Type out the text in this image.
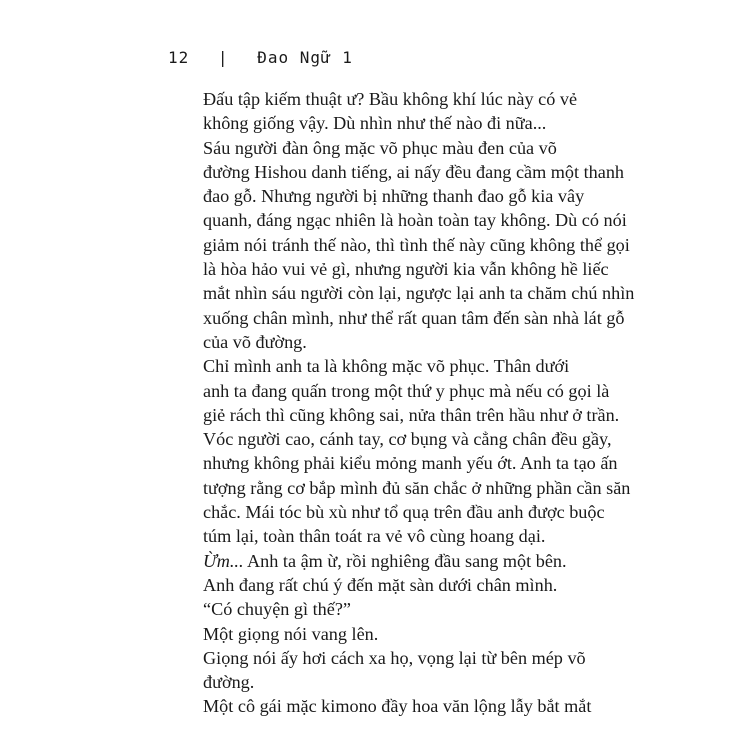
12 | Đao Ngữ 1

Đấu tập kiếm thuật ư? Bầu không khí lúc này có vẻ
không giống vậy. Dù nhìn như thế nào đi nữa...

Sáu người đàn ông mặc võ phục màu đen của võ
đường Hishou danh tiếng, ai nấy đều đang cầm một thanh
đao gỗ. Nhưng người bị những thanh đao gỗ kia vây
quanh, đáng ngạc nhiên là hoàn toàn tay không. Dù có nói
giảm nói tránh thế nào, thì tình thế này cũng không thể gọi
là hòa hảo vui vẻ gì, nhưng người kia vẫn không hề liếc
mắt nhìn sáu người còn lại, ngược lại anh ta chăm chú nhìn
xuống chân mình, như thể rất quan tâm đến sàn nhà lát gỗ
của võ đường.

Chỉ mình anh ta là không mặc võ phục. Thân dưới
anh ta đang quấn trong một thứ y phục mà nếu có gọi là
giẻ rách thì cũng không sai, nửa thân trên hầu như ở trần.
Vóc người cao, cánh tay, cơ bụng và cẳng chân đều gầy,
nhưng không phải kiểu mỏng manh yếu ớt. Anh ta tạo ấn
tượng rằng cơ bắp mình đủ săn chắc ở những phần cần săn
chắc. Mái tóc bù xù như tổ quạ trên đầu anh được buộc
túm lại, toàn thân toát ra vẻ vô cùng hoang dại.

Ừm... Anh ta ậm ừ, rồi nghiêng đầu sang một bên.

Anh đang rất chú ý đến mặt sàn dưới chân mình.

“Có chuyện gì thế?”

Một giọng nói vang lên.

Giọng nói ấy hơi cách xa họ, vọng lại từ bên mép võ
đường.

Một cô gái mặc kimono đầy hoa văn lộng lẫy bắt mắt
